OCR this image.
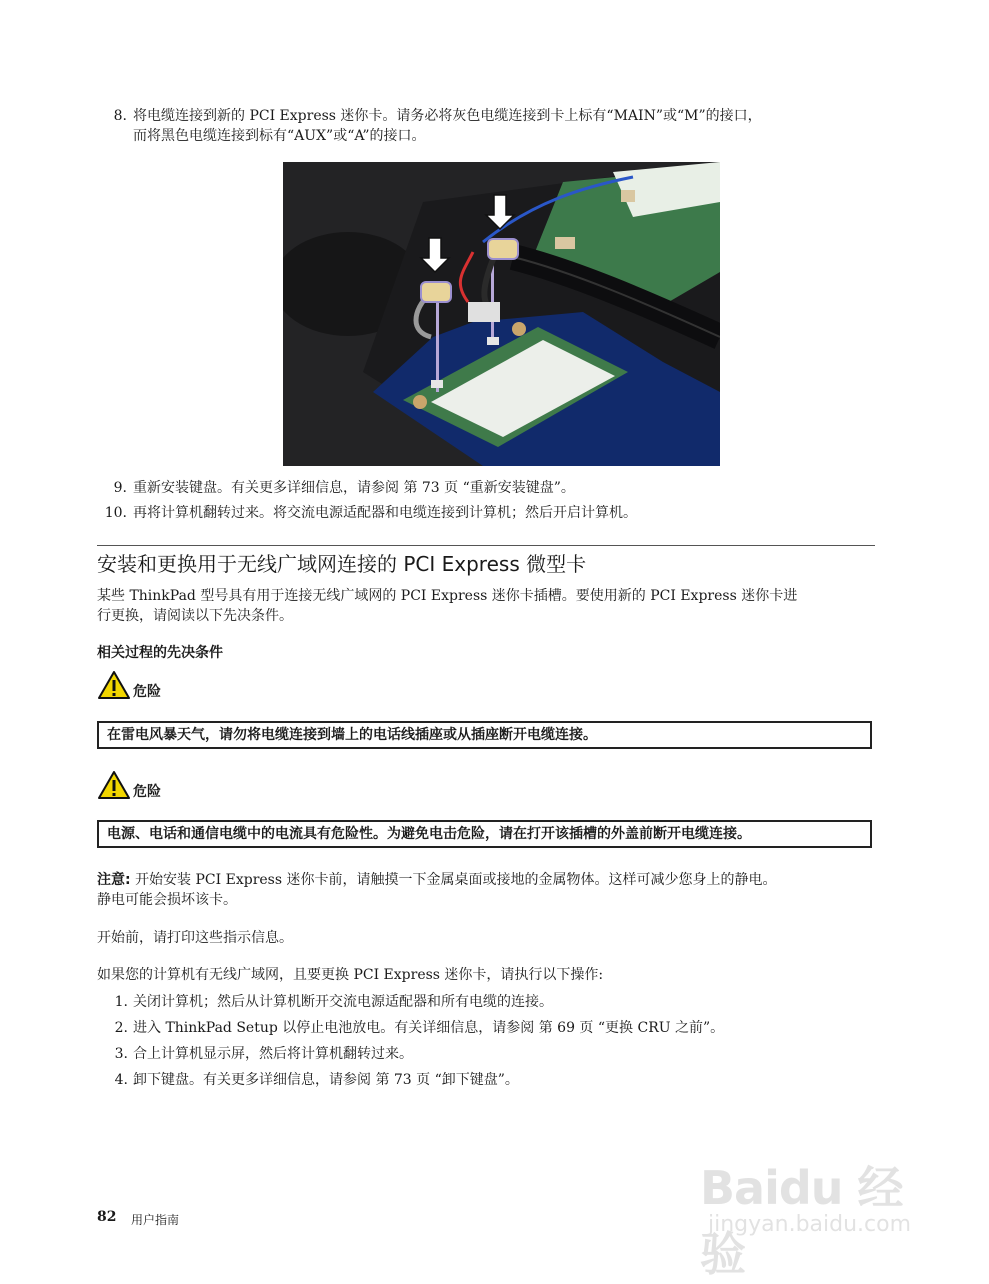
8. 将电缆连接到新的 PCI Express 迷你卡。请务必将灰色电缆连接到卡上标有“MAIN”或“M”的接口，
而将黑色电缆连接到标有“AUX”或“A”的接口。
9. 重新安装键盘。有关更多详细信息，请参阅 第 73 页 “重新安装键盘”。
10. 再将计算机翻转过来。将交流电源适配器和电缆连接到计算机；然后开启计算机。
安装和更换用于无线广域网连接的 PCI Express 微型卡
某些 ThinkPad 型号具有用于连接无线广域网的 PCI Express 迷你卡插槽。要使用新的 PCI Express 迷你卡进
行更换，请阅读以下先决条件。
相关过程的先决条件
危险
在雷电风暴天气，请勿将电缆连接到墙上的电话线插座或从插座断开电缆连接。
危险
电源、电话和通信电缆中的电流具有危险性。为避免电击危险，请在打开该插槽的外盖前断开电缆连接。
注意: 开始安装 PCI Express 迷你卡前，请触摸一下金属桌面或接地的金属物体。这样可减少您身上的静电。
静电可能会损坏该卡。
开始前，请打印这些指示信息。
如果您的计算机有无线广域网，且要更换 PCI Express 迷你卡，请执行以下操作:
1. 关闭计算机；然后从计算机断开交流电源适配器和所有电缆的连接。
2. 进入 ThinkPad Setup 以停止电池放电。有关详细信息，请参阅 第 69 页 “更换 CRU 之前”。
3. 合上计算机显示屏，然后将计算机翻转过来。
4. 卸下键盘。有关更多详细信息，请参阅 第 73 页 “卸下键盘”。
82 用户指南
Baidu 经验
jingyan.baidu.com
